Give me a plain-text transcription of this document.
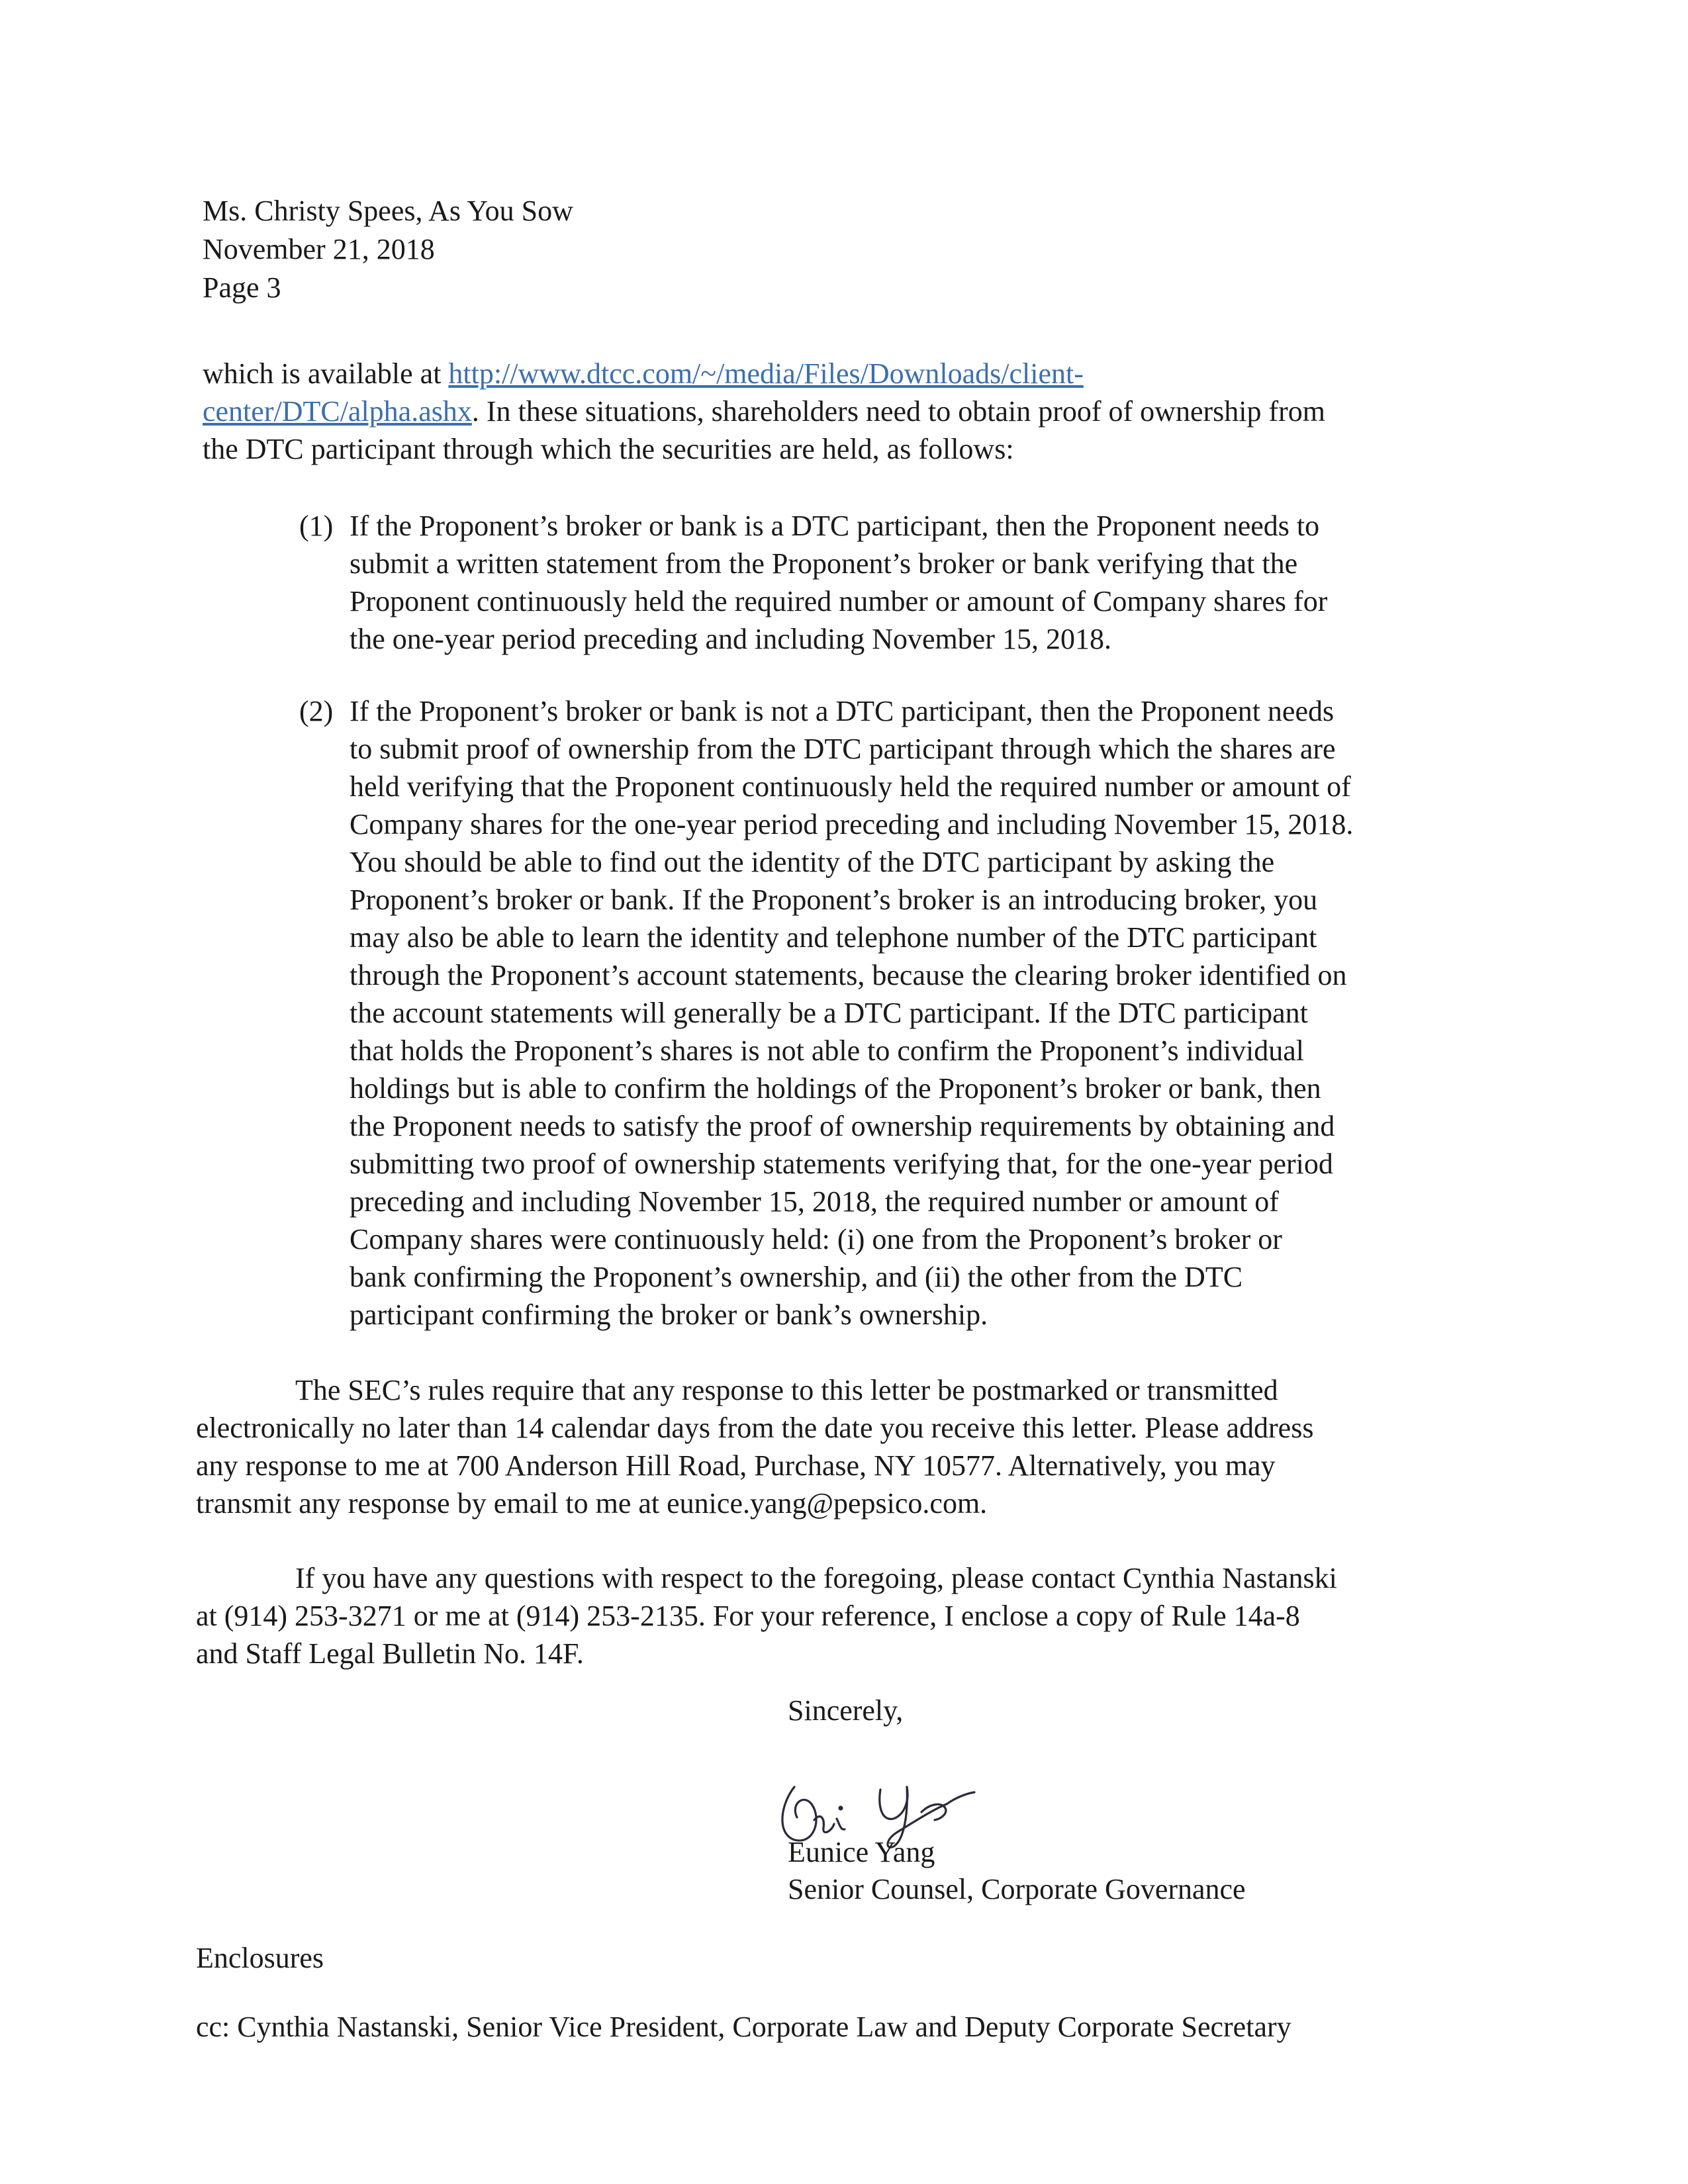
Ms. Christy Spees, As You Sow
November 21, 2018
Page 3
which is available at http://www.dtcc.com/~/media/Files/Downloads/client-
center/DTC/alpha.ashx. In these situations, shareholders need to obtain proof of ownership from
the DTC participant through which the securities are held, as follows:
(1) If the Proponent’s broker or bank is a DTC participant, then the Proponent needs to
submit a written statement from the Proponent’s broker or bank verifying that the
Proponent continuously held the required number or amount of Company shares for
the one-year period preceding and including November 15, 2018.
(2) If the Proponent’s broker or bank is not a DTC participant, then the Proponent needs
to submit proof of ownership from the DTC participant through which the shares are
held verifying that the Proponent continuously held the required number or amount of
Company shares for the one-year period preceding and including November 15, 2018.
You should be able to find out the identity of the DTC participant by asking the
Proponent’s broker or bank. If the Proponent’s broker is an introducing broker, you
may also be able to learn the identity and telephone number of the DTC participant
through the Proponent’s account statements, because the clearing broker identified on
the account statements will generally be a DTC participant. If the DTC participant
that holds the Proponent’s shares is not able to confirm the Proponent’s individual
holdings but is able to confirm the holdings of the Proponent’s broker or bank, then
the Proponent needs to satisfy the proof of ownership requirements by obtaining and
submitting two proof of ownership statements verifying that, for the one-year period
preceding and including November 15, 2018, the required number or amount of
Company shares were continuously held: (i) one from the Proponent’s broker or
bank confirming the Proponent’s ownership, and (ii) the other from the DTC
participant confirming the broker or bank’s ownership.
The SEC’s rules require that any response to this letter be postmarked or transmitted
electronically no later than 14 calendar days from the date you receive this letter. Please address
any response to me at 700 Anderson Hill Road, Purchase, NY 10577. Alternatively, you may
transmit any response by email to me at eunice.yang@pepsico.com.
If you have any questions with respect to the foregoing, please contact Cynthia Nastanski
at (914) 253-3271 or me at (914) 253-2135. For your reference, I enclose a copy of Rule 14a-8
and Staff Legal Bulletin No. 14F.
Sincerely,
Eunice Yang
Senior Counsel, Corporate Governance
Enclosures
cc: Cynthia Nastanski, Senior Vice President, Corporate Law and Deputy Corporate Secretary
